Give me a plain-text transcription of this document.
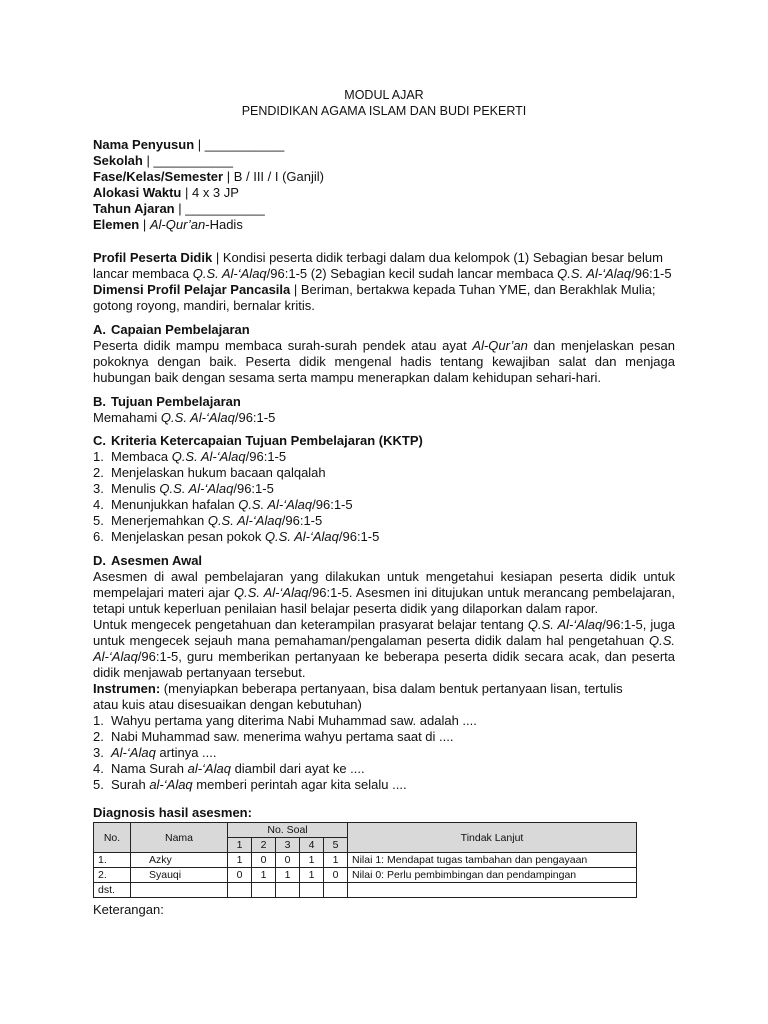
MODUL AJAR
PENDIDIKAN AGAMA ISLAM DAN BUDI PEKERTI
Nama Penyusun | ___________
Sekolah | ___________
Fase/Kelas/Semester | B / III / I (Ganjil)
Alokasi Waktu | 4 x 3 JP
Tahun Ajaran | ___________
Elemen | Al-Qur’an-Hadis
Profil Peserta Didik | Kondisi peserta didik terbagi dalam dua kelompok (1) Sebagian besar belum
lancar membaca Q.S. Al-‘Alaq/96:1-5 (2) Sebagian kecil sudah lancar membaca Q.S. Al-‘Alaq/96:1-5
Dimensi Profil Pelajar Pancasila | Beriman, bertakwa kepada Tuhan YME, dan Berakhlak Mulia;
gotong royong, mandiri, bernalar kritis.
A. Capaian Pembelajaran
Peserta didik mampu membaca surah-surah pendek atau ayat Al-Qur’an dan menjelaskan pesan
pokoknya dengan baik. Peserta didik mengenal hadis tentang kewajiban salat dan menjaga
hubungan baik dengan sesama serta mampu menerapkan dalam kehidupan sehari-hari.
B. Tujuan Pembelajaran
Memahami Q.S. Al-‘Alaq/96:1-5
C. Kriteria Ketercapaian Tujuan Pembelajaran (KKTP)
1. Membaca Q.S. Al-‘Alaq/96:1-5
2. Menjelaskan hukum bacaan qalqalah
3. Menulis Q.S. Al-‘Alaq/96:1-5
4. Menunjukkan hafalan Q.S. Al-‘Alaq/96:1-5
5. Menerjemahkan Q.S. Al-‘Alaq/96:1-5
6. Menjelaskan pesan pokok Q.S. Al-‘Alaq/96:1-5
D. Asesmen Awal
Asesmen di awal pembelajaran yang dilakukan untuk mengetahui kesiapan peserta didik untuk
mempelajari materi ajar Q.S. Al-‘Alaq/96:1-5. Asesmen ini ditujukan untuk merancang pembelajaran,
tetapi untuk keperluan penilaian hasil belajar peserta didik yang dilaporkan dalam rapor.
Untuk mengecek pengetahuan dan keterampilan prasyarat belajar tentang Q.S. Al-‘Alaq/96:1-5, juga
untuk mengecek sejauh mana pemahaman/pengalaman peserta didik dalam hal pengetahuan Q.S.
Al-‘Alaq/96:1-5, guru memberikan pertanyaan ke beberapa peserta didik secara acak, dan peserta
didik menjawab pertanyaan tersebut.
Instrumen: (menyiapkan beberapa pertanyaan, bisa dalam bentuk pertanyaan lisan, tertulis
atau kuis atau disesuaikan dengan kebutuhan)
1. Wahyu pertama yang diterima Nabi Muhammad saw. adalah ....
2. Nabi Muhammad saw. menerima wahyu pertama saat di ....
3. Al-‘Alaq artinya ....
4. Nama Surah al-‘Alaq diambil dari ayat ke ....
5. Surah al-‘Alaq memberi perintah agar kita selalu ....
Diagnosis hasil asesmen:
No.	Nama	No. Soal					Tindak Lanjut
		1	2	3	4	5	
1.	Azky	1	0	0	1	1	Nilai 1: Mendapat tugas tambahan dan pengayaan
2.	Syauqi	0	1	1	1	0	Nilai 0: Perlu pembimbingan dan pendampingan
dst.							
Keterangan:
